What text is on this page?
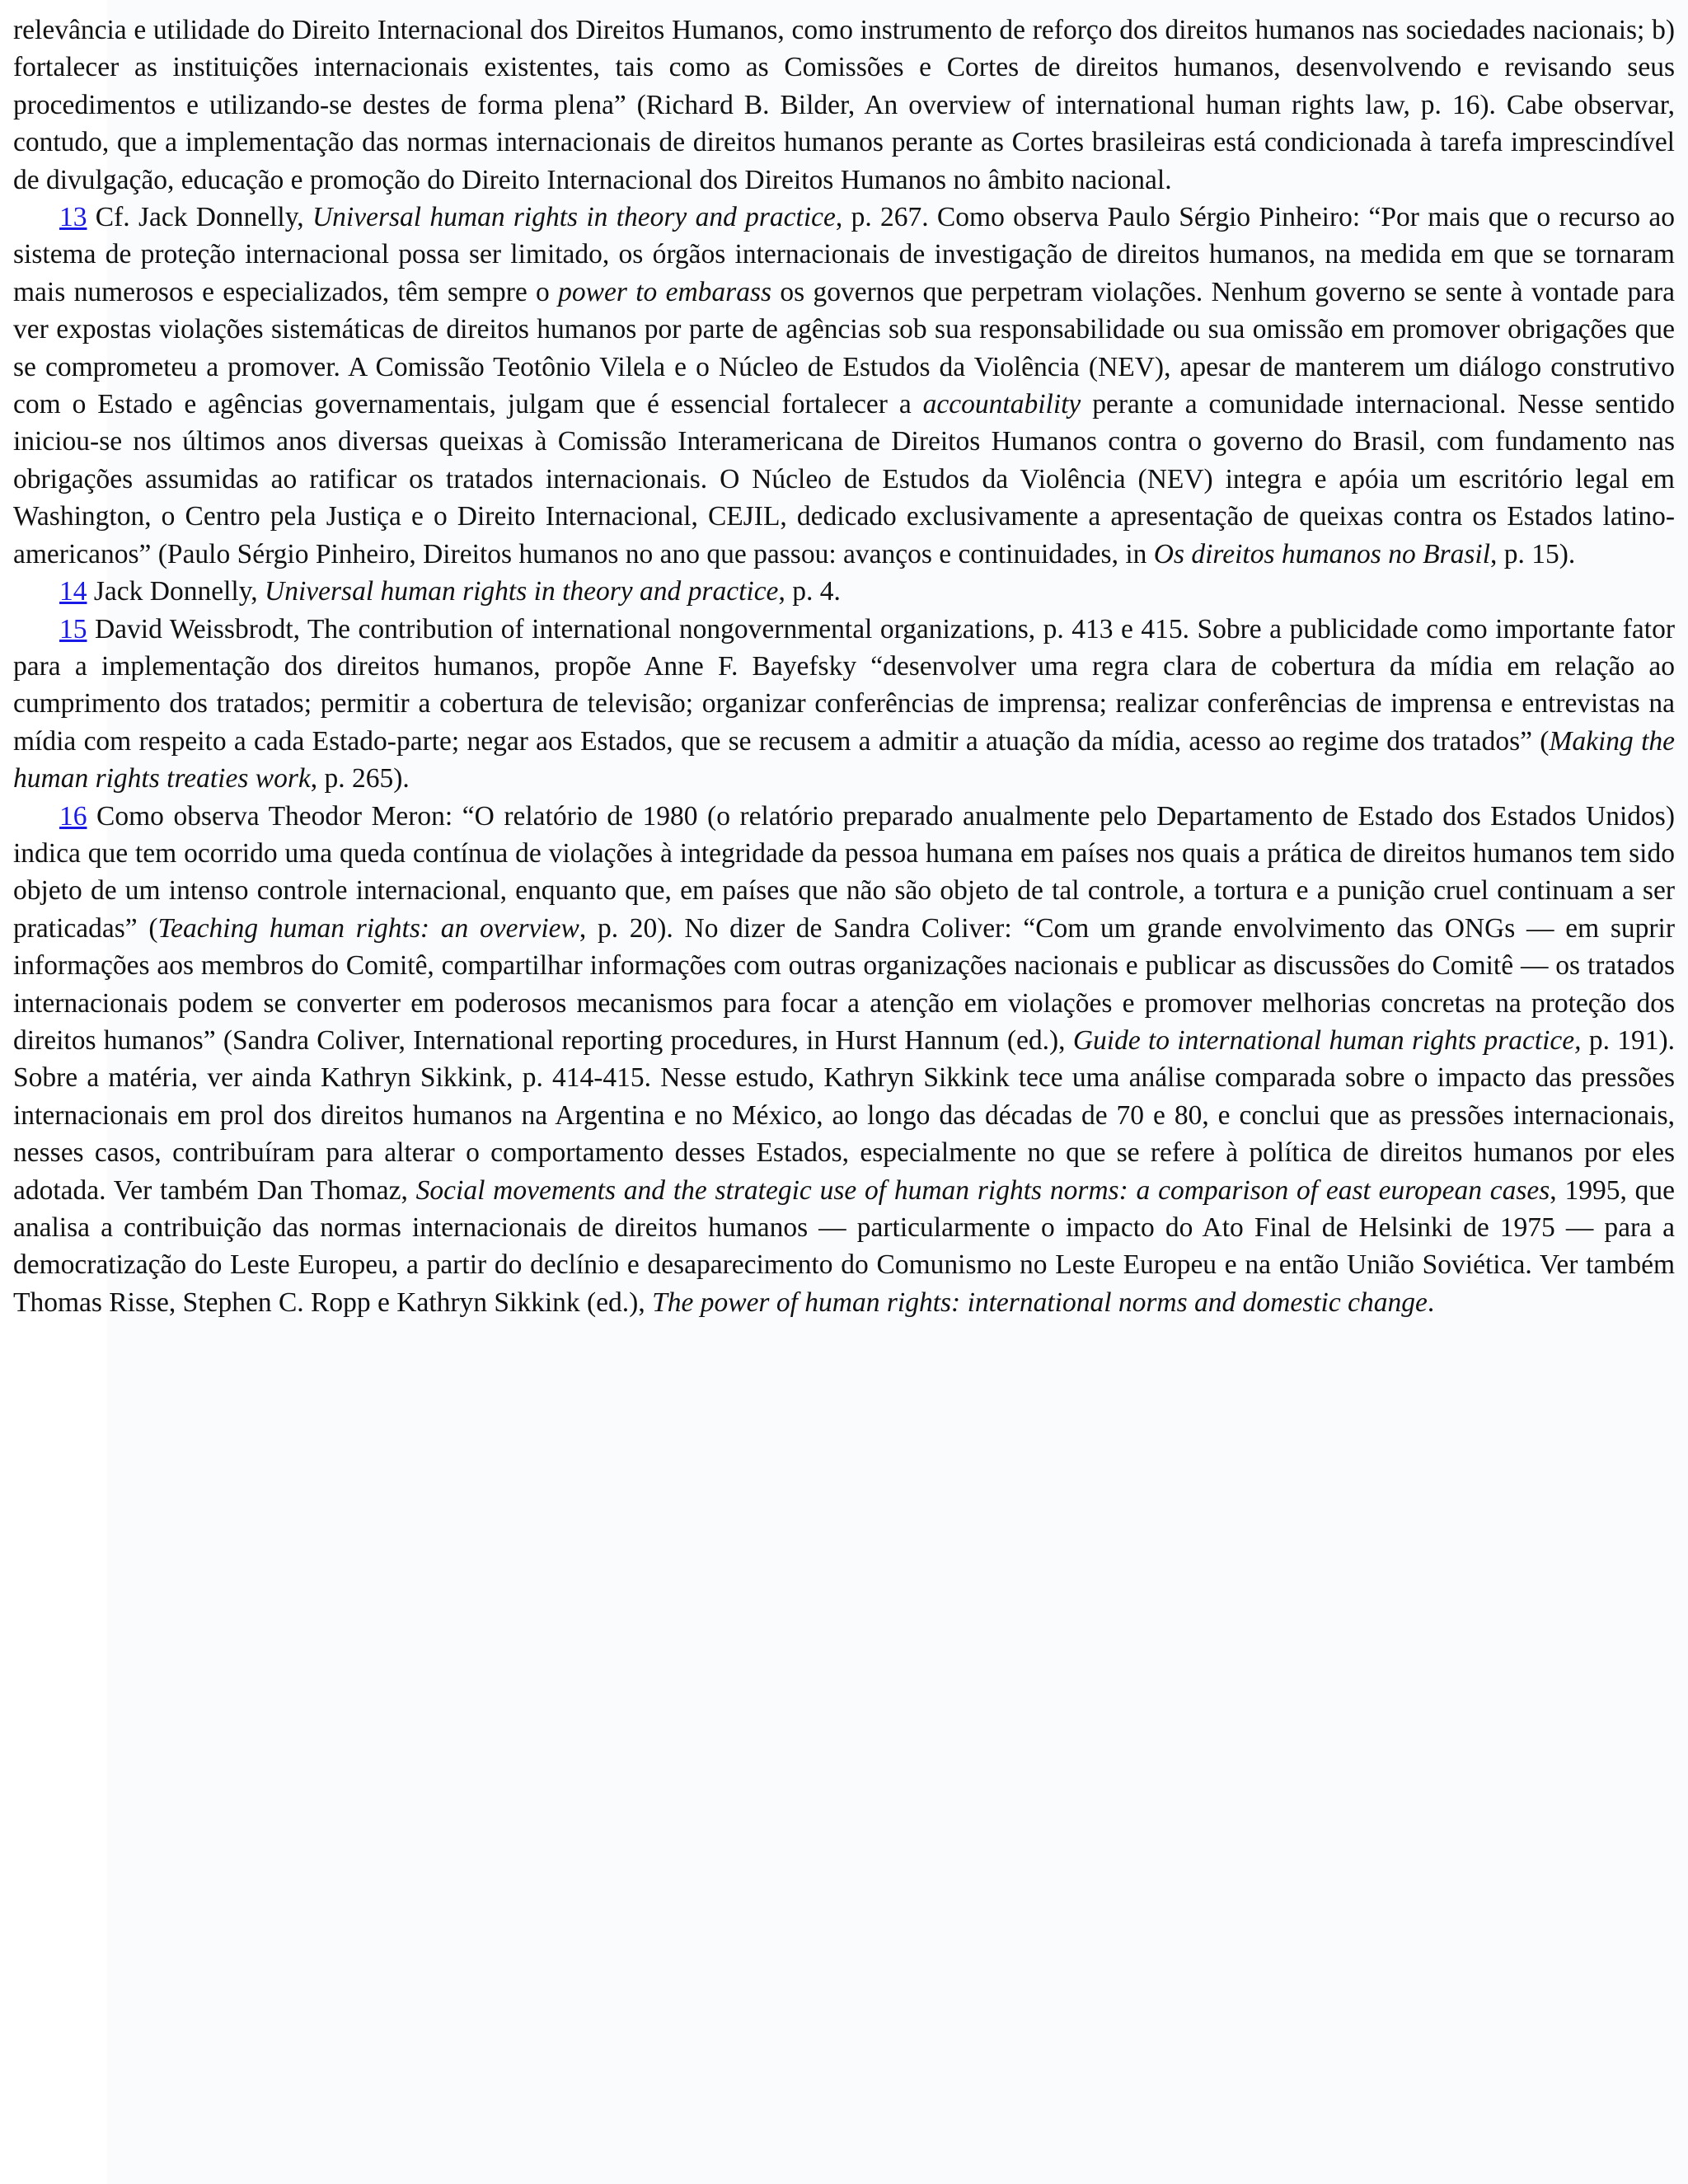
relevância e utilidade do Direito Internacional dos Direitos Humanos, como instrumento de reforço dos direitos humanos nas sociedades nacionais; b) fortalecer as instituições internacionais existentes, tais como as Comissões e Cortes de direitos humanos, desenvolvendo e revisando seus procedimentos e utilizando-se destes de forma plena” (Richard B. Bilder, An overview of international human rights law, p. 16). Cabe observar, contudo, que a implementação das normas internacionais de direitos humanos perante as Cortes brasileiras está condicionada à tarefa imprescindível de divulgação, educação e promoção do Direito Internacional dos Direitos Humanos no âmbito nacional.

13 Cf. Jack Donnelly, Universal human rights in theory and practice, p. 267. Como observa Paulo Sérgio Pinheiro: “Por mais que o recurso ao sistema de proteção internacional possa ser limitado, os órgãos internacionais de investigação de direitos humanos, na medida em que se tornaram mais numerosos e especializados, têm sempre o power to embarass os governos que perpetram violações. Nenhum governo se sente à vontade para ver expostas violações sistemáticas de direitos humanos por parte de agências sob sua responsabilidade ou sua omissão em promover obrigações que se comprometeu a promover. A Comissão Teotônio Vilela e o Núcleo de Estudos da Violência (NEV), apesar de manterem um diálogo construtivo com o Estado e agências governamentais, julgam que é essencial fortalecer a accountability perante a comunidade internacional. Nesse sentido iniciou-se nos últimos anos diversas queixas à Comissão Interamericana de Direitos Humanos contra o governo do Brasil, com fundamento nas obrigações assumidas ao ratificar os tratados internacionais. O Núcleo de Estudos da Violência (NEV) integra e apóia um escritório legal em Washington, o Centro pela Justiça e o Direito Internacional, CEJIL, dedicado exclusivamente a apresentação de queixas contra os Estados latino-americanos” (Paulo Sérgio Pinheiro, Direitos humanos no ano que passou: avanços e continuidades, in Os direitos humanos no Brasil, p. 15).

14 Jack Donnelly, Universal human rights in theory and practice, p. 4.

15 David Weissbrodt, The contribution of international nongovernmental organizations, p. 413 e 415. Sobre a publicidade como importante fator para a implementação dos direitos humanos, propõe Anne F. Bayefsky “desenvolver uma regra clara de cobertura da mídia em relação ao cumprimento dos tratados; permitir a cobertura de televisão; organizar conferências de imprensa; realizar conferências de imprensa e entrevistas na mídia com respeito a cada Estado-parte; negar aos Estados, que se recusem a admitir a atuação da mídia, acesso ao regime dos tratados” (Making the human rights treaties work, p. 265).

16 Como observa Theodor Meron: “O relatório de 1980 (o relatório preparado anualmente pelo Departamento de Estado dos Estados Unidos) indica que tem ocorrido uma queda contínua de violações à integridade da pessoa humana em países nos quais a prática de direitos humanos tem sido objeto de um intenso controle internacional, enquanto que, em países que não são objeto de tal controle, a tortura e a punição cruel continuam a ser praticadas” (Teaching human rights: an overview, p. 20). No dizer de Sandra Coliver: “Com um grande envolvimento das ONGs — em suprir informações aos membros do Comitê, compartilhar informações com outras organizações nacionais e publicar as discussões do Comitê — os tratados internacionais podem se converter em poderosos mecanismos para focar a atenção em violações e promover melhorias concretas na proteção dos direitos humanos” (Sandra Coliver, International reporting procedures, in Hurst Hannum (ed.), Guide to international human rights practice, p. 191). Sobre a matéria, ver ainda Kathryn Sikkink, p. 414-415. Nesse estudo, Kathryn Sikkink tece uma análise comparada sobre o impacto das pressões internacionais em prol dos direitos humanos na Argentina e no México, ao longo das décadas de 70 e 80, e conclui que as pressões internacionais, nesses casos, contribuíram para alterar o comportamento desses Estados, especialmente no que se refere à política de direitos humanos por eles adotada. Ver também Dan Thomaz, Social movements and the strategic use of human rights norms: a comparison of east european cases, 1995, que analisa a contribuição das normas internacionais de direitos humanos — particularmente o impacto do Ato Final de Helsinki de 1975 — para a democratização do Leste Europeu, a partir do declínio e desaparecimento do Comunismo no Leste Europeu e na então União Soviética. Ver também Thomas Risse, Stephen C. Ropp e Kathryn Sikkink (ed.), The power of human rights: international norms and domestic change.
